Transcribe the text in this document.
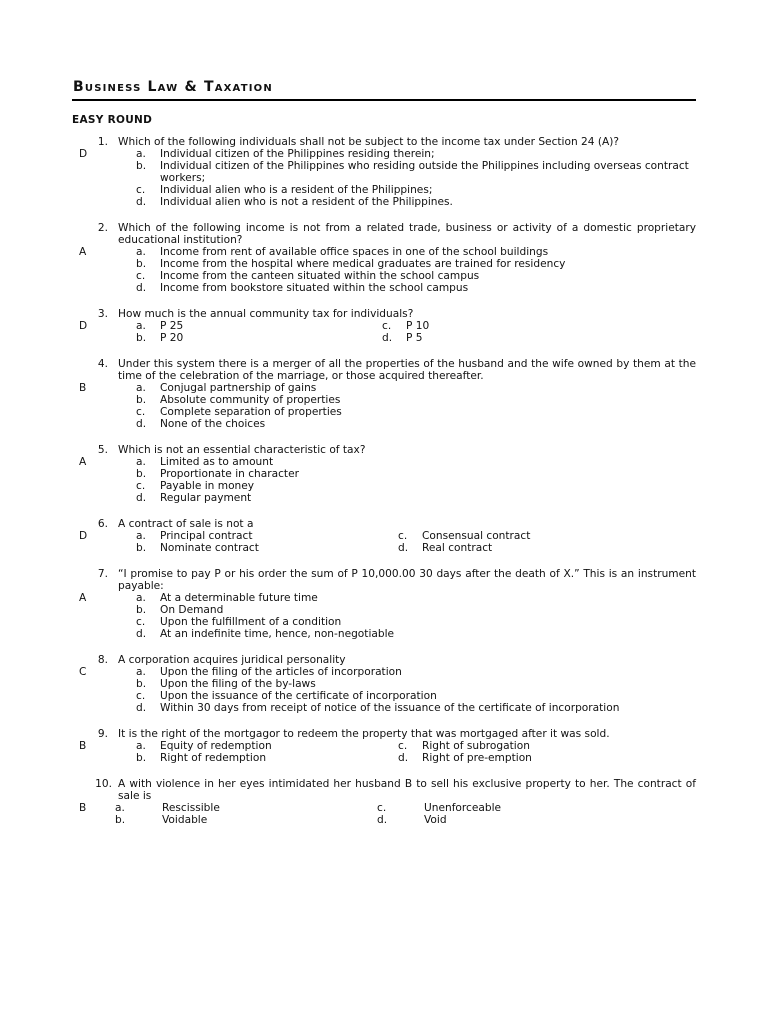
Business Law & Taxation
EASY ROUND
D
1. Which of the following individuals shall not be subject to the income tax under Section 24 (A)?
a.	Individual citizen of the Philippines residing therein;
b.	Individual citizen of the Philippines who residing outside the Philippines including overseas contract workers;
c.	Individual alien who is a resident of the Philippines;
d.	Individual alien who is not a resident of the Philippines.
A
2. Which of the following income is not from a related trade, business or activity of a domestic proprietary educational institution?
a.	Income from rent of available office spaces in one of the school buildings
b.	Income from the hospital where medical graduates are trained for residency
c.	Income from the canteen situated within the school campus
d.	Income from bookstore situated within the school campus
D
3. How much is the annual community tax for individuals?
a.	P 25	c.	P 10
b.	P 20	d.	P 5
B
4. Under this system there is a merger of all the properties of the husband and the wife owned by them at the time of the celebration of the marriage, or those acquired thereafter.
a.	Conjugal partnership of gains
b.	Absolute community of properties
c.	Complete separation of properties
d.	None of the choices
A
5. Which is not an essential characteristic of tax?
a.	Limited as to amount
b.	Proportionate in character
c.	Payable in money
d.	Regular payment
D
6. A contract of sale is not a
a.	Principal contract	c.	Consensual contract
b.	Nominate contract	d.	Real contract
A
7. “I promise to pay P or his order the sum of P 10,000.00 30 days after the death of X.” This is an instrument payable:
a.	At a determinable future time
b.	On Demand
c.	Upon the fulfillment of a condition
d.	At an indefinite time, hence, non-negotiable
C
8. A corporation acquires juridical personality
a.	Upon the filing of the articles of incorporation
b.	Upon the filing of the by-laws
c.	Upon the issuance of the certificate of incorporation
d.	Within 30 days from receipt of notice of the issuance of the certificate of incorporation
B
9. It is the right of the mortgagor to redeem the property that was mortgaged after it was sold.
a.	Equity of redemption	c.	Right of subrogation
b.	Right of redemption	d.	Right of pre-emption
B
10. A with violence in her eyes intimidated her husband B to sell his exclusive property to her. The contract of sale is
a.	Rescissible	c.	Unenforceable
b.	Voidable	d.	Void
